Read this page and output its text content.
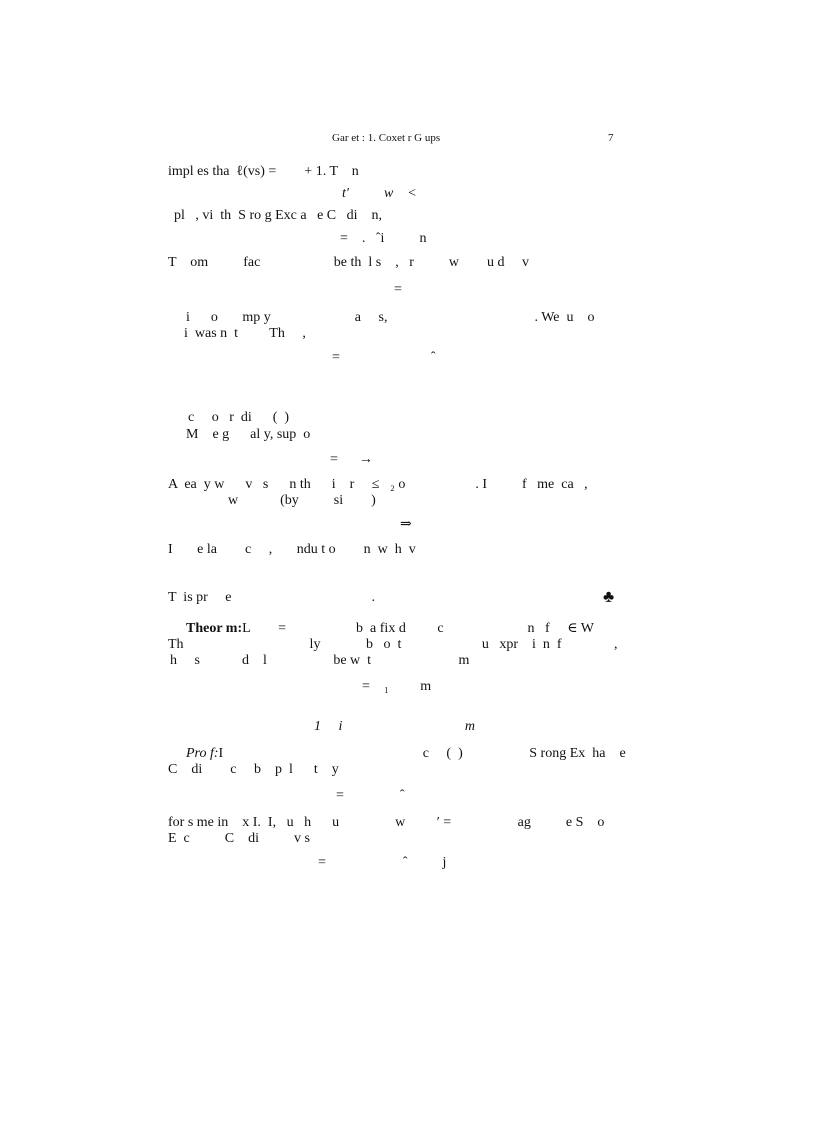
Gar et : 1. Coxet r G ups	7
impl es tha  ℓ(vs) =        + 1. T    n
t′          w    <
pl   , vi  th  S ro g Exc a   e C   di    n,
=    .   ˆi          n
T    om          fac                     be th  l s    ,   r          w        u d     v
=
i      o       mp y                        a     s,                                          . We  u    o
i  was n  t         Th     ,
=                          ˆ
c     o   r  di      (  )
M    e g      al y, sup  o
=      →
A  ea  y w      v   s      n th      i    r     ≤   ₂ o                    . I          f   me  ca   ,
w            (by          si        )
⇒
I       e la        c     ,       ndu t o        n  w  h  v
T  is pr     e                                        .	♣
Theor m:L        =                    b  a fix d         c                        n   f     ∈ W
Th                                    ly             b   o  t                       u   xpr    i  n  f               ,
h     s            d    l                   be w  t                         m
=    ₁         m
1     i                                   m
Pro f:I                                                         c     (  )                   S rong Ex  ha    e
C    di        c     b    p  l      t    y
=                ˆ
for s me in    x I.  I,   u   h      u                w         ′ =                   ag          e S    o
E  c          C    di          v s
=                      ˆ          j
